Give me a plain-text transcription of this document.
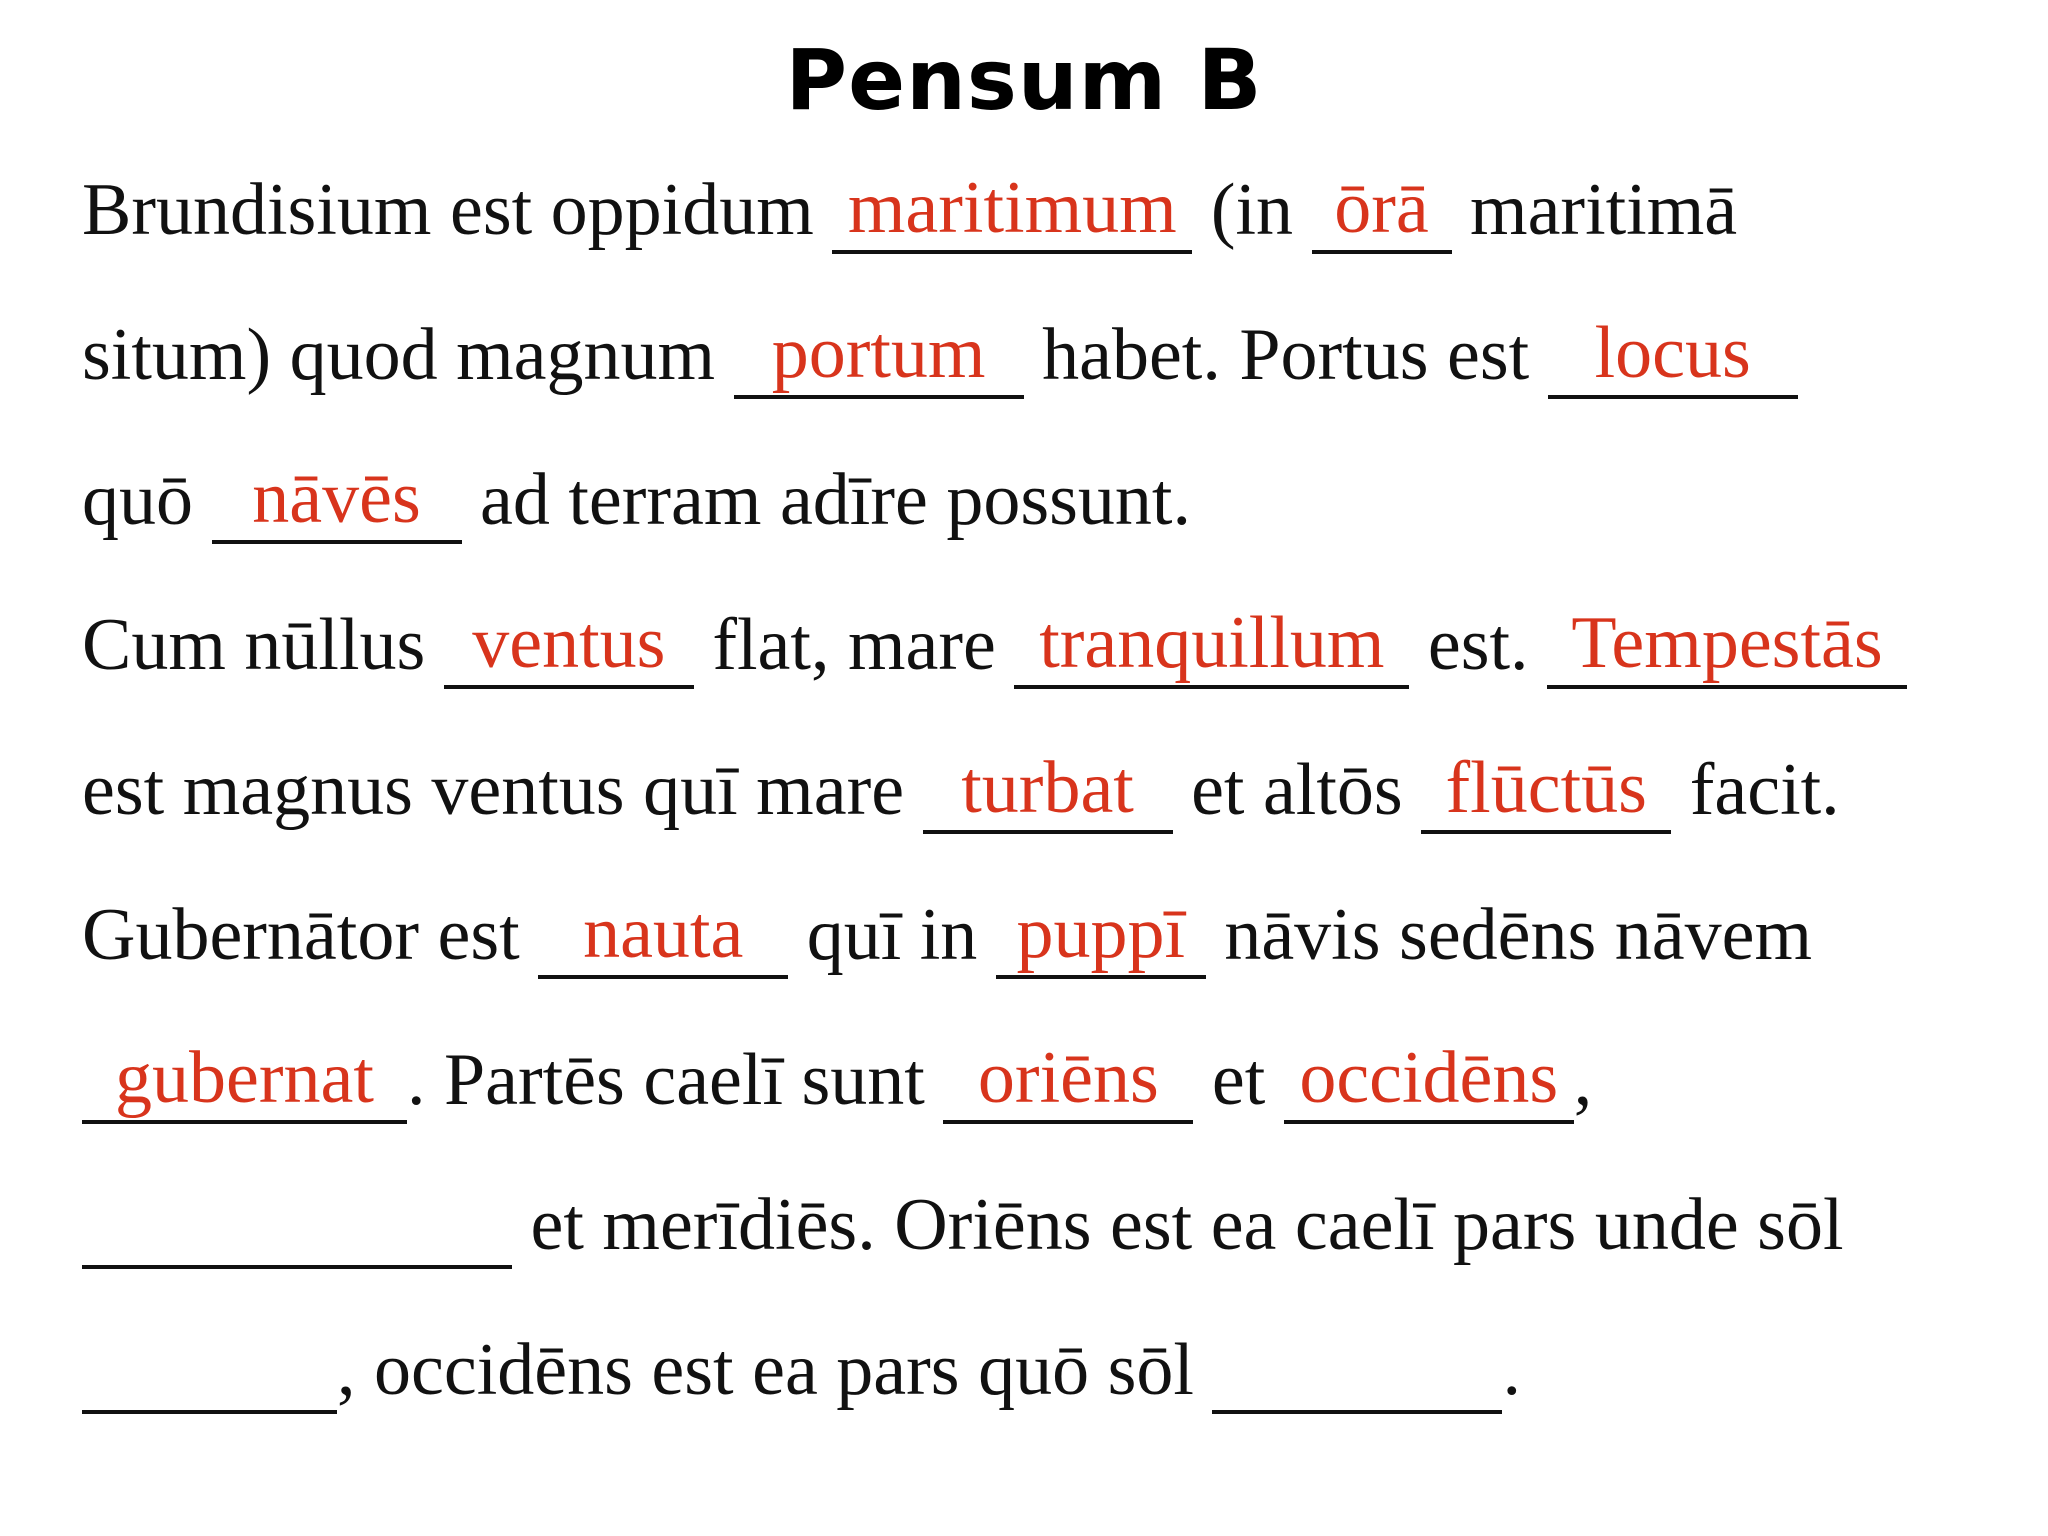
Pensum B
Brundisium est oppidum maritimum (in ōrā maritimā
situm) quod magnum portum habet. Portus est locus
quō nāvēs ad terram adīre possunt.
Cum nūllus ventus flat, mare tranquillum est. Tempestās
est magnus ventus quī mare turbat et altōs flūctūs facit.
Gubernātor est nauta quī in puppī nāvis sedēns nāvem
gubernat . Partēs caelī sunt oriēns et occidēns ,
et merīdiēs. Oriēns est ea caelī pars unde sōl
, occidēns est ea pars quō sōl	.
